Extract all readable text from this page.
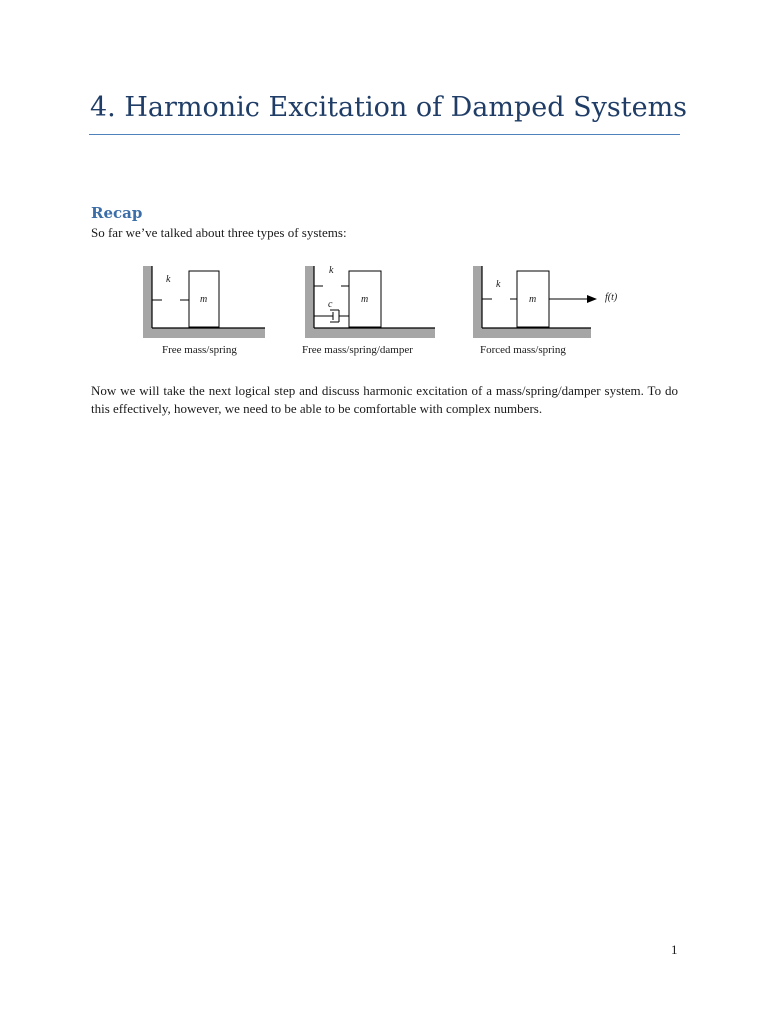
4. Harmonic Excitation of Damped Systems
Recap

So far we’ve talked about three types of systems:

k
m
Free mass/spring
k
c	m
Free mass/spring/damper
k
m	f(t)
Forced mass/spring

Now we will take the next logical step and discuss harmonic excitation of a mass/spring/damper system. To do this effectively, however, we need to be able to be comfortable with complex numbers.

1
